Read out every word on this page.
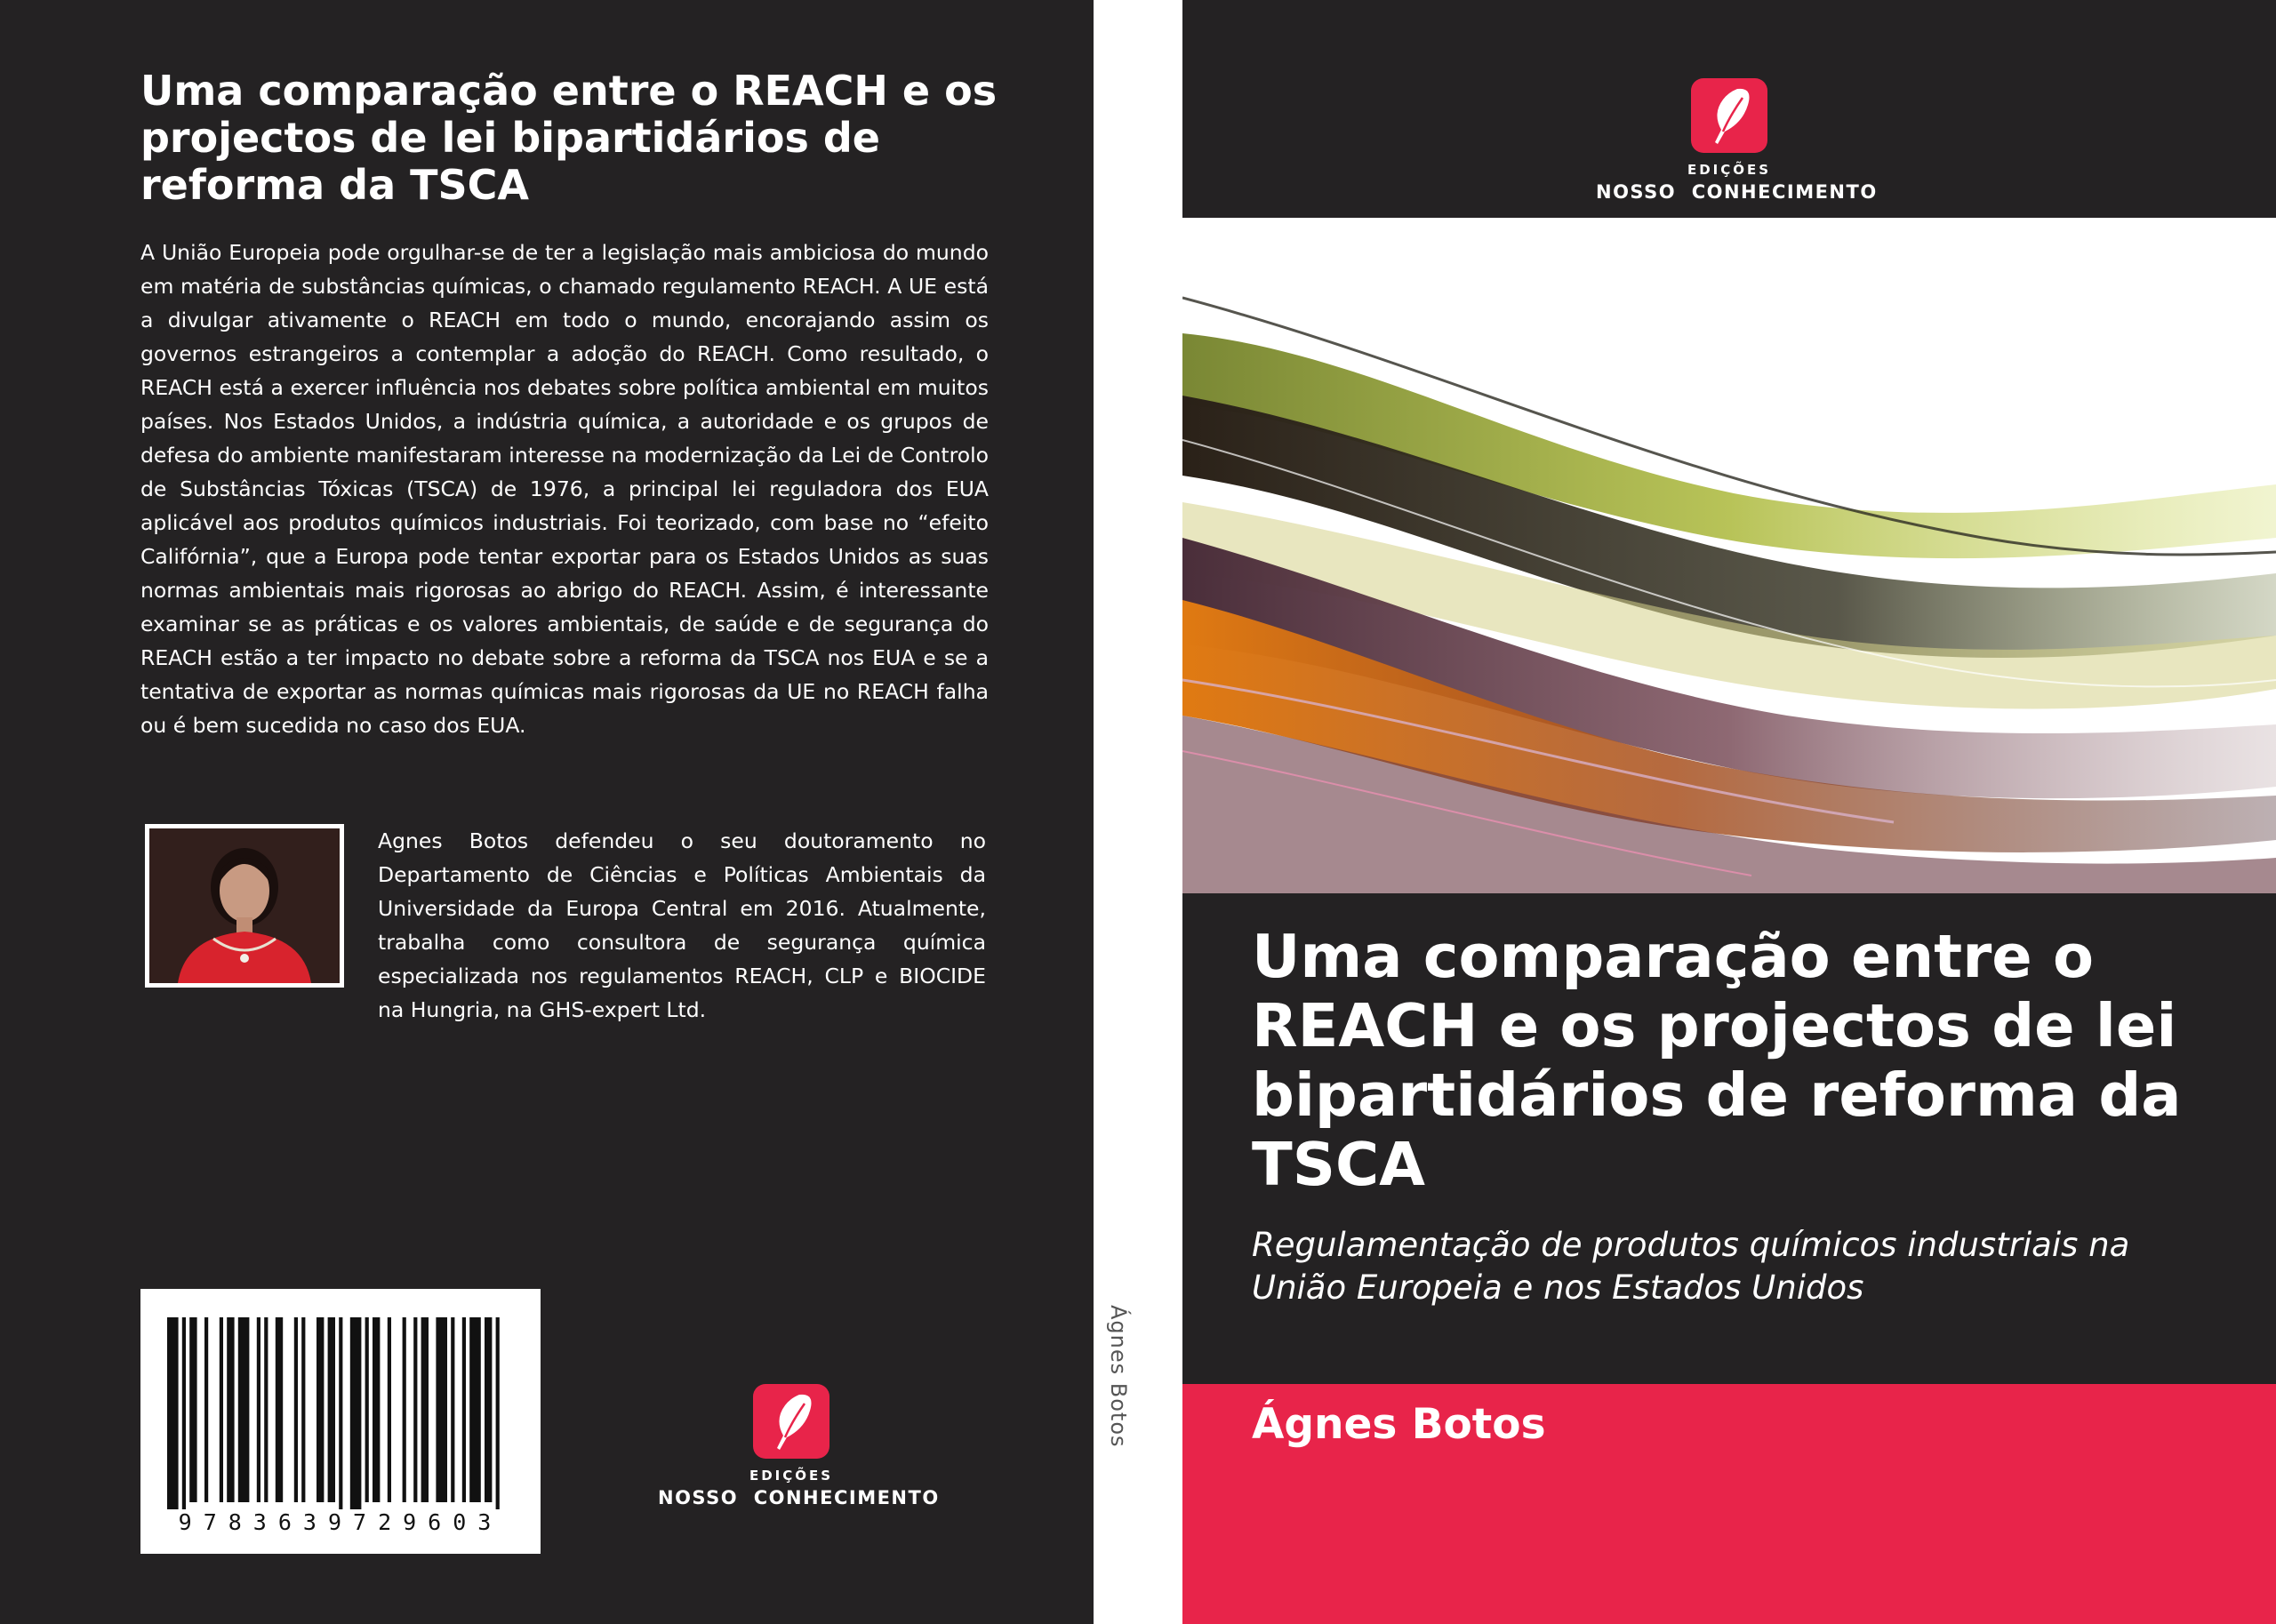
Uma comparação entre o REACH e os projectos de lei bipartidários de reforma da TSCA

A União Europeia pode orgulhar-se de ter a legislação mais ambiciosa do mundo em matéria de substâncias químicas, o chamado regulamento REACH. A UE está a divulgar ativamente o REACH em todo o mundo, encorajando assim os governos estrangeiros a contemplar a adoção do REACH. Como resultado, o REACH está a exercer influência nos debates sobre política ambiental em muitos países. Nos Estados Unidos, a indústria química, a autoridade e os grupos de defesa do ambiente manifestaram interesse na modernização da Lei de Controlo de Substâncias Tóxicas (TSCA) de 1976, a principal lei reguladora dos EUA aplicável aos produtos químicos industriais. Foi teorizado, com base no “efeito Califórnia”, que a Europa pode tentar exportar para os Estados Unidos as suas normas ambientais mais rigorosas ao abrigo do REACH. Assim, é interessante examinar se as práticas e os valores ambientais, de saúde e de segurança do REACH estão a ter impacto no debate sobre a reforma da TSCA nos EUA e se a tentativa de exportar as normas químicas mais rigorosas da UE no REACH falha ou é bem sucedida no caso dos EUA.

Agnes Botos defendeu o seu doutoramento no Departamento de Ciências e Políticas Ambientais da Universidade da Europa Central em 2016. Atualmente, trabalha como consultora de segurança química especializada nos regulamentos REACH, CLP e BIOCIDE na Hungria, na GHS-expert Ltd.

9783639729603
EDIÇÕES
NOSSO  CONHECIMENTO
Ágnes Botos
EDIÇÕES
NOSSO  CONHECIMENTO
Uma comparação entre o REACH e os projectos de lei bipartidários de reforma da TSCA

Regulamentação de produtos químicos industriais na União Europeia e nos Estados Unidos

Ágnes Botos
